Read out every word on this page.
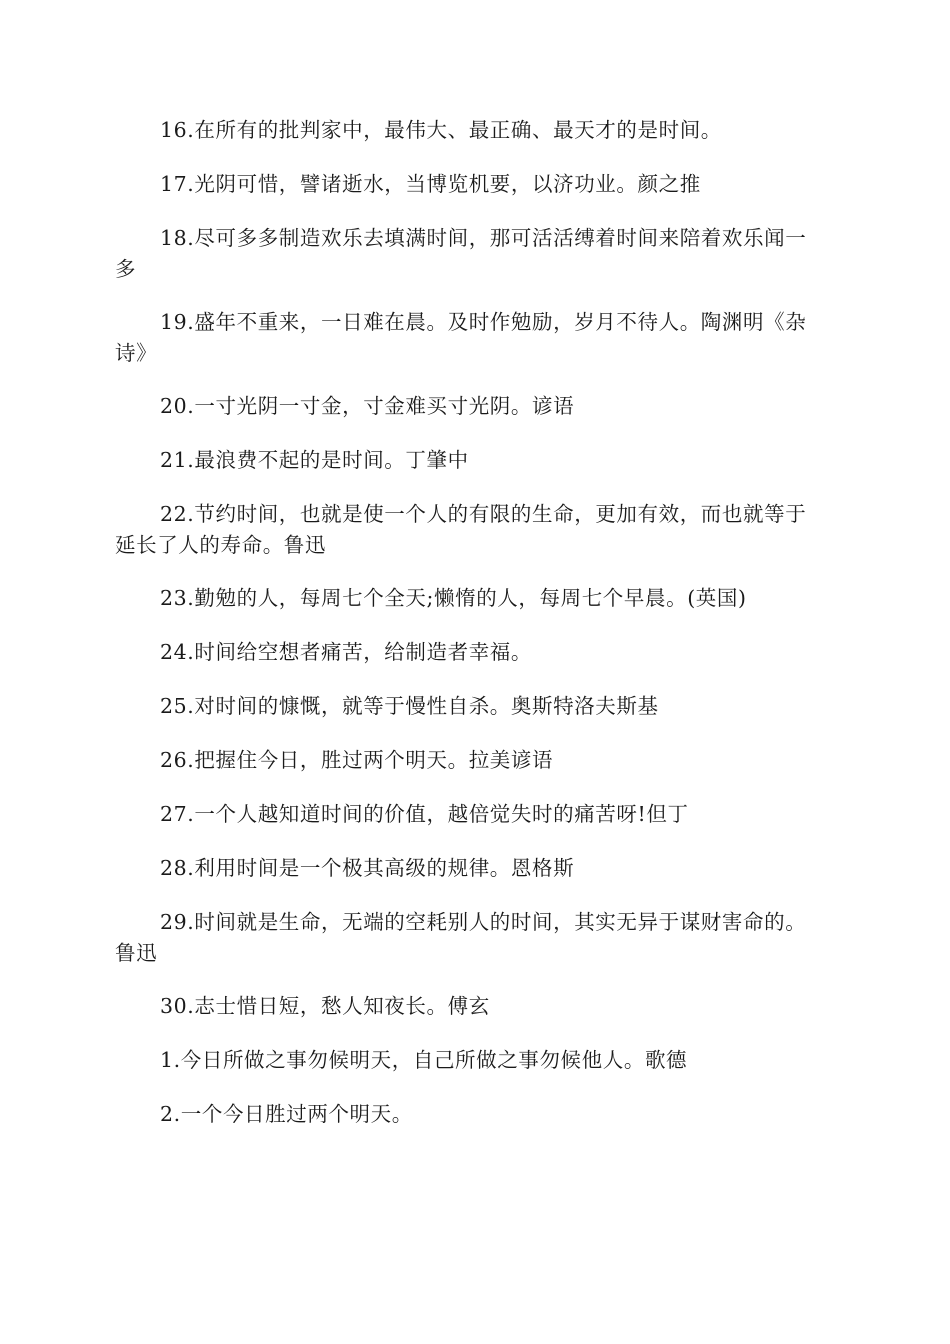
16.在所有的批判家中，最伟大、最正确、最天才的是时间。

17.光阴可惜，譬诸逝水，当博览机要，以济功业。颜之推

18.尽可多多制造欢乐去填满时间，那可活活缚着时间来陪着欢乐闻一多

19.盛年不重来，一日难在晨。及时作勉励，岁月不待人。陶渊明《杂诗》

20.一寸光阴一寸金，寸金难买寸光阴。谚语

21.最浪费不起的是时间。丁肇中

22.节约时间，也就是使一个人的有限的生命，更加有效，而也就等于延长了人的寿命。鲁迅

23.勤勉的人，每周七个全天;懒惰的人，每周七个早晨。(英国)

24.时间给空想者痛苦，给制造者幸福。

25.对时间的慷慨，就等于慢性自杀。奥斯特洛夫斯基

26.把握住今日，胜过两个明天。拉美谚语

27.一个人越知道时间的价值，越倍觉失时的痛苦呀!但丁

28.利用时间是一个极其高级的规律。恩格斯

29.时间就是生命，无端的空耗别人的时间，其实无异于谋财害命的。鲁迅

30.志士惜日短，愁人知夜长。傅玄

1.今日所做之事勿候明天，自己所做之事勿候他人。歌德

2.一个今日胜过两个明天。
